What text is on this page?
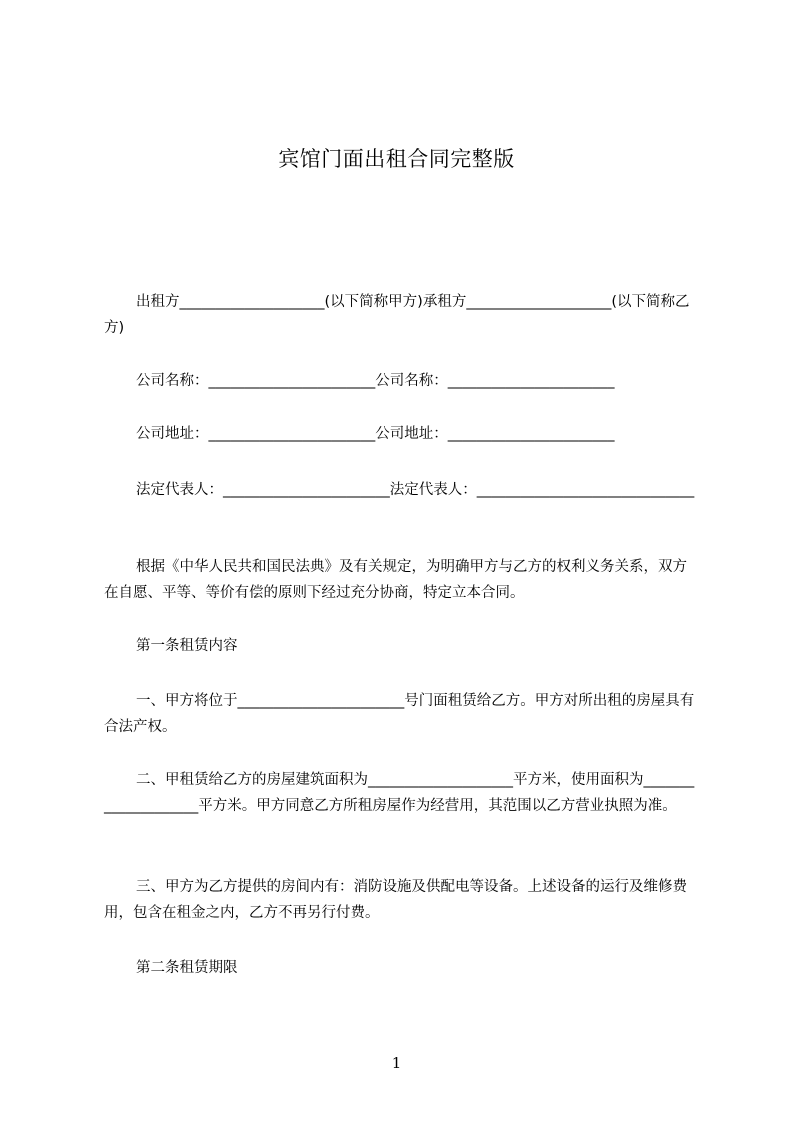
宾馆门面出租合同完整版
出租方____________________(以下简称甲方)承租方____________________(以下简称乙方)
公司名称：_______________________公司名称：_______________________
公司地址：_______________________公司地址：_______________________
法定代表人：_______________________法定代表人：______________________________
根据《中华人民共和国民法典》及有关规定，为明确甲方与乙方的权利义务关系，双方在自愿、平等、等价有偿的原则下经过充分协商，特定立本合同。
第一条租赁内容
一、甲方将位于_______________________号门面租赁给乙方。甲方对所出租的房屋具有合法产权。
二、甲租赁给乙方的房屋建筑面积为____________________平方米，使用面积为____________________平方米。甲方同意乙方所租房屋作为经营用，其范围以乙方营业执照为准。
三、甲方为乙方提供的房间内有：消防设施及供配电等设备。上述设备的运行及维修费用，包含在租金之内，乙方不再另行付费。
第二条租赁期限
1
